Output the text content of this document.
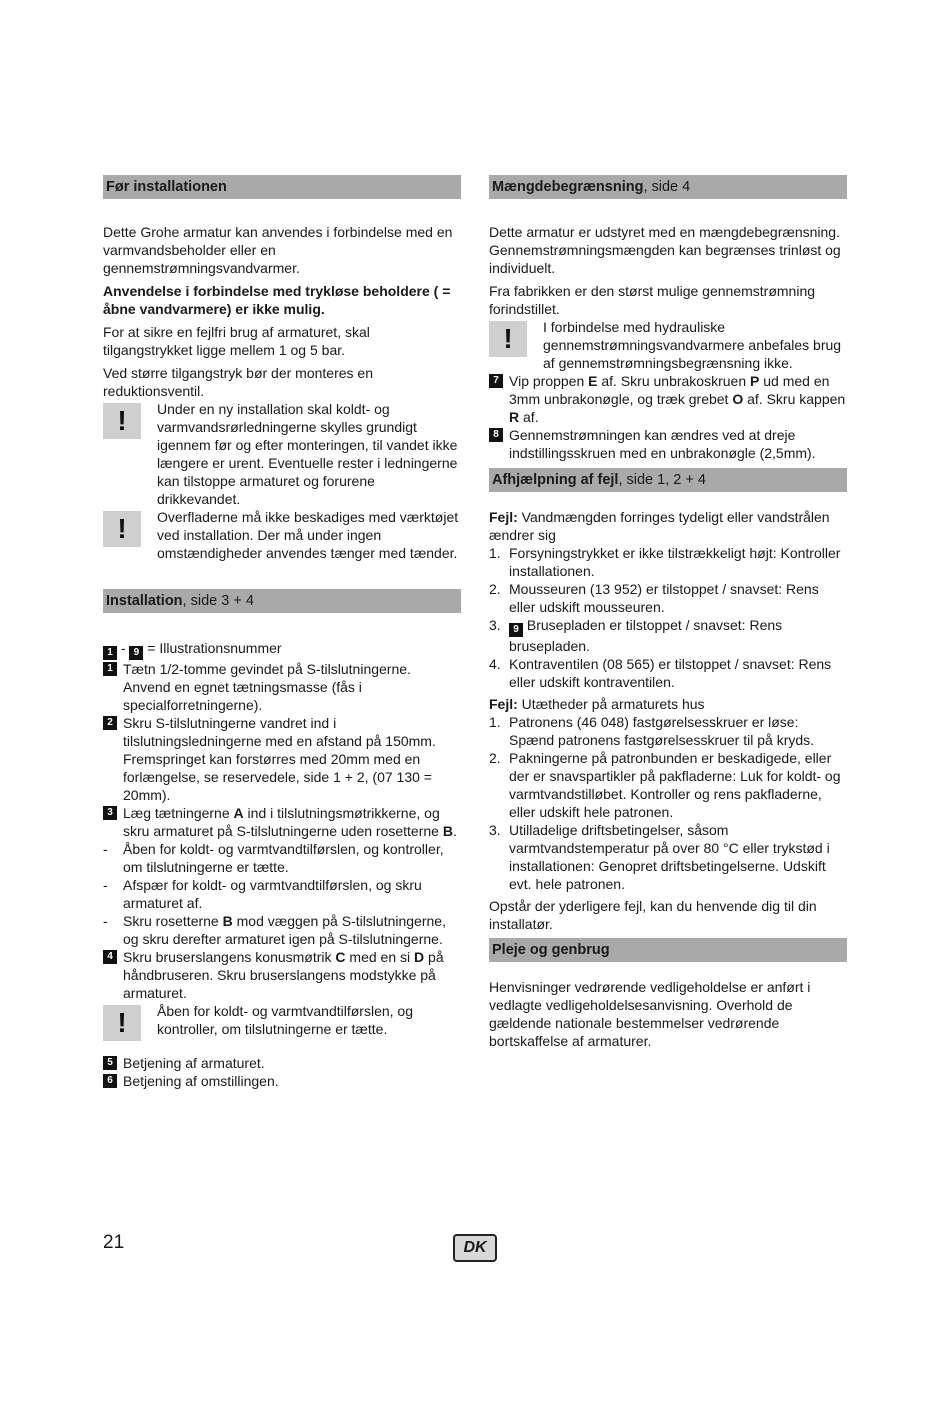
Før installationen

Dette Grohe armatur kan anvendes i forbindelse med en varmvandsbeholder eller en gennemstrømningsvandvarmer.

Anvendelse i forbindelse med trykløse beholdere ( = åbne vandvarmere) er ikke mulig.

For at sikre en fejlfri brug af armaturet, skal tilgangstrykket ligge mellem 1 og 5 bar.

Ved større tilgangstryk bør der monteres en reduktionsventil.

!	Under en ny installation skal koldt- og varmvandsrørledningerne skylles grundigt igennem før og efter monteringen, til vandet ikke længere er urent. Eventuelle rester i ledningerne kan tilstoppe armaturet og forurene drikkevandet.
!	Overfladerne må ikke beskadiges med værktøjet ved installation. Der må under ingen omstændigheder anvendes tænger med tænder.
Installation, side 3 + 4
1 - 9 = Illustrationsnummer
1 Tætn 1/2-tomme gevindet på S-tilslutningerne. Anvend en egnet tætningsmasse (fås i specialforretningerne).
2 Skru S-tilslutningerne vandret ind i tilslutningsledningerne med en afstand på 150mm. Fremspringet kan forstørres med 20mm med en forlængelse, se reservedele, side 1 + 2, (07 130 = 20mm).
3 Læg tætningerne A ind i tilslutningsmøtrikkerne, og skru armaturet på S-tilslutningerne uden rosetterne B.
- Åben for koldt- og varmtvandtilførslen, og kontroller, om tilslutningerne er tætte.
- Afspær for koldt- og varmtvandtilførslen, og skru armaturet af.
- Skru rosetterne B mod væggen på S-tilslutningerne, og skru derefter armaturet igen på S-tilslutningerne.
4 Skru bruserslangens konusmøtrik C med en si D på håndbruseren. Skru bruserslangens modstykke på armaturet.
!	Åben for koldt- og varmtvandtilførslen, og kontroller, om tilslutningerne er tætte.
5 Betjening af armaturet.
6 Betjening af omstillingen.
Mængdebegrænsning, side 4

Dette armatur er udstyret med en mængdebegrænsning. Gennemstrømningsmængden kan begrænses trinløst og individuelt.

Fra fabrikken er den størst mulige gennemstrømning forindstillet.

!	I forbindelse med hydrauliske gennemstrømningsvandvarmere anbefales brug af gennemstrømningsbegrænsning ikke.
7 Vip proppen E af. Skru unbrakoskruen P ud med en 3mm unbrakonøgle, og træk grebet O af. Skru kappen R af.
8 Gennemstrømningen kan ændres ved at dreje indstillingsskruen med en unbrakonøgle (2,5mm).
Afhjælpning af fejl, side 1, 2 + 4

Fejl: Vandmængden forringes tydeligt eller vandstrålen ændrer sig

1. Forsyningstrykket er ikke tilstrækkeligt højt: Kontroller installationen.
2. Mousseuren (13 952) er tilstoppet / snavset: Rens eller udskift mousseuren.
3. 9 Brusepladen er tilstoppet / snavset: Rens brusepladen.
4. Kontraventilen (08 565) er tilstoppet / snavset: Rens eller udskift kontraventilen.

Fejl: Utætheder på armaturets hus

1. Patronens (46 048) fastgørelsesskruer er løse: Spænd patronens fastgørelsesskruer til på kryds.
2. Pakningerne på patronbunden er beskadigede, eller der er snavspartikler på pakfladerne: Luk for koldt- og varmtvandstilløbet. Kontroller og rens pakfladerne, eller udskift hele patronen.
3. Utilladelige driftsbetingelser, såsom varmtvandstemperatur på over 80 °C eller trykstød i installationen: Genopret driftsbetingelserne. Udskift evt. hele patronen.

Opstår der yderligere fejl, kan du henvende dig til din installatør.

Pleje og genbrug

Henvisninger vedrørende vedligeholdelse er anført i vedlagte vedligeholdelsesanvisning. Overhold de gældende nationale bestemmelser vedrørende bortskaffelse af armaturer.

21	DK
